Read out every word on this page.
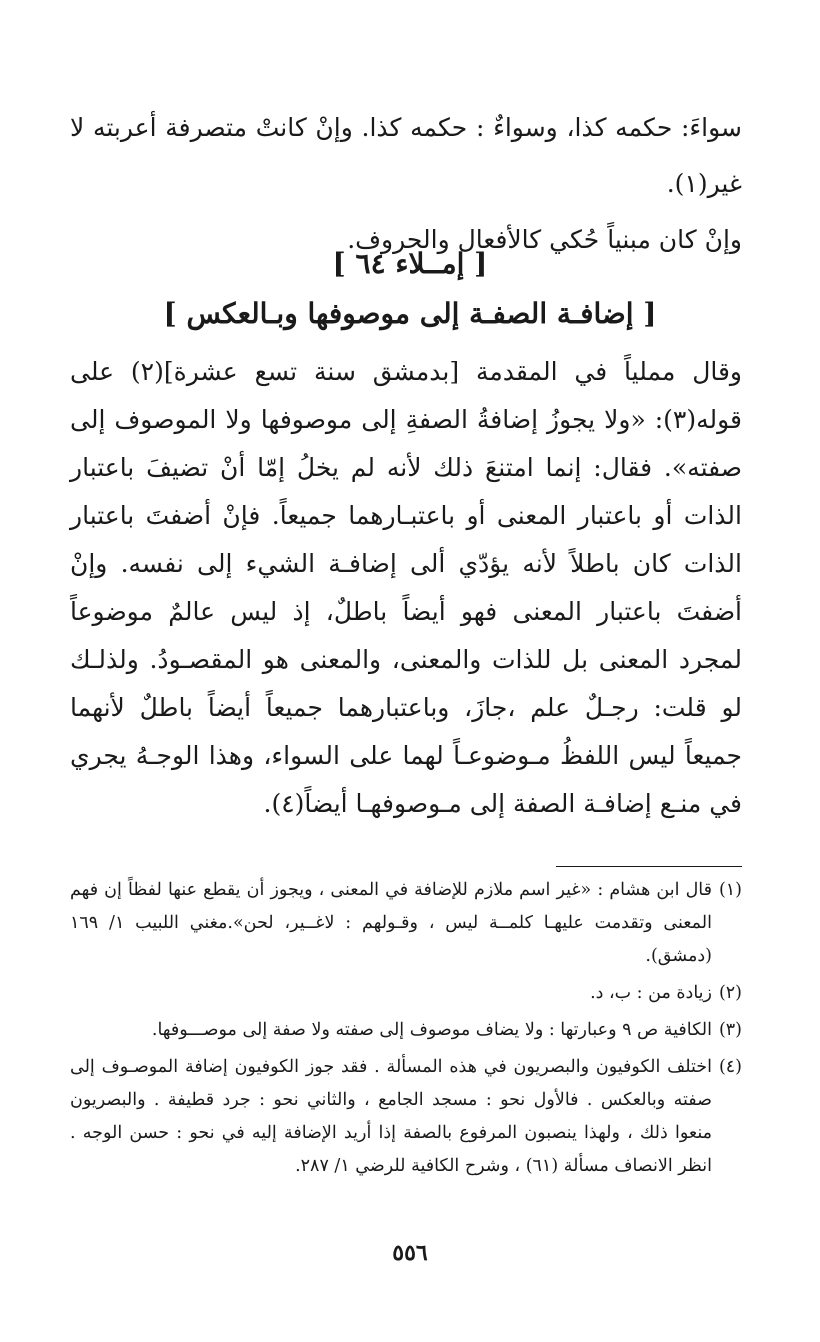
سواءَ: حكمه كذا، وسواءٌ : حكمه كذا. وإنْ كانتْ متصرفة أعربته لا غير(١).

وإنْ كان مبنياً حُكي كالأفعال والحروف.

[ إمــلاء ٦٤ ]
[ إضافـة الصفـة إلى موصوفها وبـالعكس ]

وقال مملياً في المقدمة [بدمشق سنة تسع عشرة](٢) على قوله(٣): «ولا يجوزُ إضافةُ الصفةِ إلى موصوفها ولا الموصوف إلى صفته». فقال: إنما امتنعَ ذلك لأنه لم يخلُ إمّا أنْ تضيفَ باعتبار الذات أو باعتبار المعنى أو باعتبـارهما جميعاً. فإنْ أضفتَ باعتبار الذات كان باطلاً لأنه يؤدّي ألى إضافـة الشيء إلى نفسه. وإنْ أضفتَ باعتبار المعنى فهو أيضاً باطلٌ، إذ ليس عالمٌ موضوعاً لمجرد المعنى بل للذات والمعنى، والمعنى هو المقصـودُ. ولذلـك لو قلت: رجـلٌ علم ،جازَ، وباعتبارهما جميعاً أيضاً باطلٌ لأنهما جميعاً ليس اللفظُ مـوضوعـاً لهما على السواء، وهذا الوجـهُ يجري في منـع إضافـة الصفة إلى مـوصوفهـا أيضاً(٤).

(١)
قال ابن هشام : «غير اسم ملازم للإضافة في المعنى ، ويجوز أن يقطع عنها لفظاً إن فهم المعنى وتقدمت عليهـا كلمــة ليس ، وقـولهم : لاغــير، لحن».مغني اللبيب ١/ ١٦٩ (دمشق).
(٢)
زيادة من : ب، د.
(٣)
الكافية ص ٩ وعبارتها : ولا يضاف موصوف إلى صفته ولا صفة إلى موصـــوفها.
(٤)
اختلف الكوفيون والبصريون في هذه المسألة . فقد جوز الكوفيون إضافة الموصـوف إلى صفته وبالعكس . فالأول نحو : مسجد الجامع ، والثاني نحو : جرد قطيفة . والبصريون منعوا ذلك ، ولهذا ينصبون المرفوع بالصفة إذا أريد الإضافة إليه في نحو : حسن الوجه . انظر الانصاف مسألة (٦١) ، وشرح الكافية للرضي ١/ ٢٨٧.
٥٥٦
